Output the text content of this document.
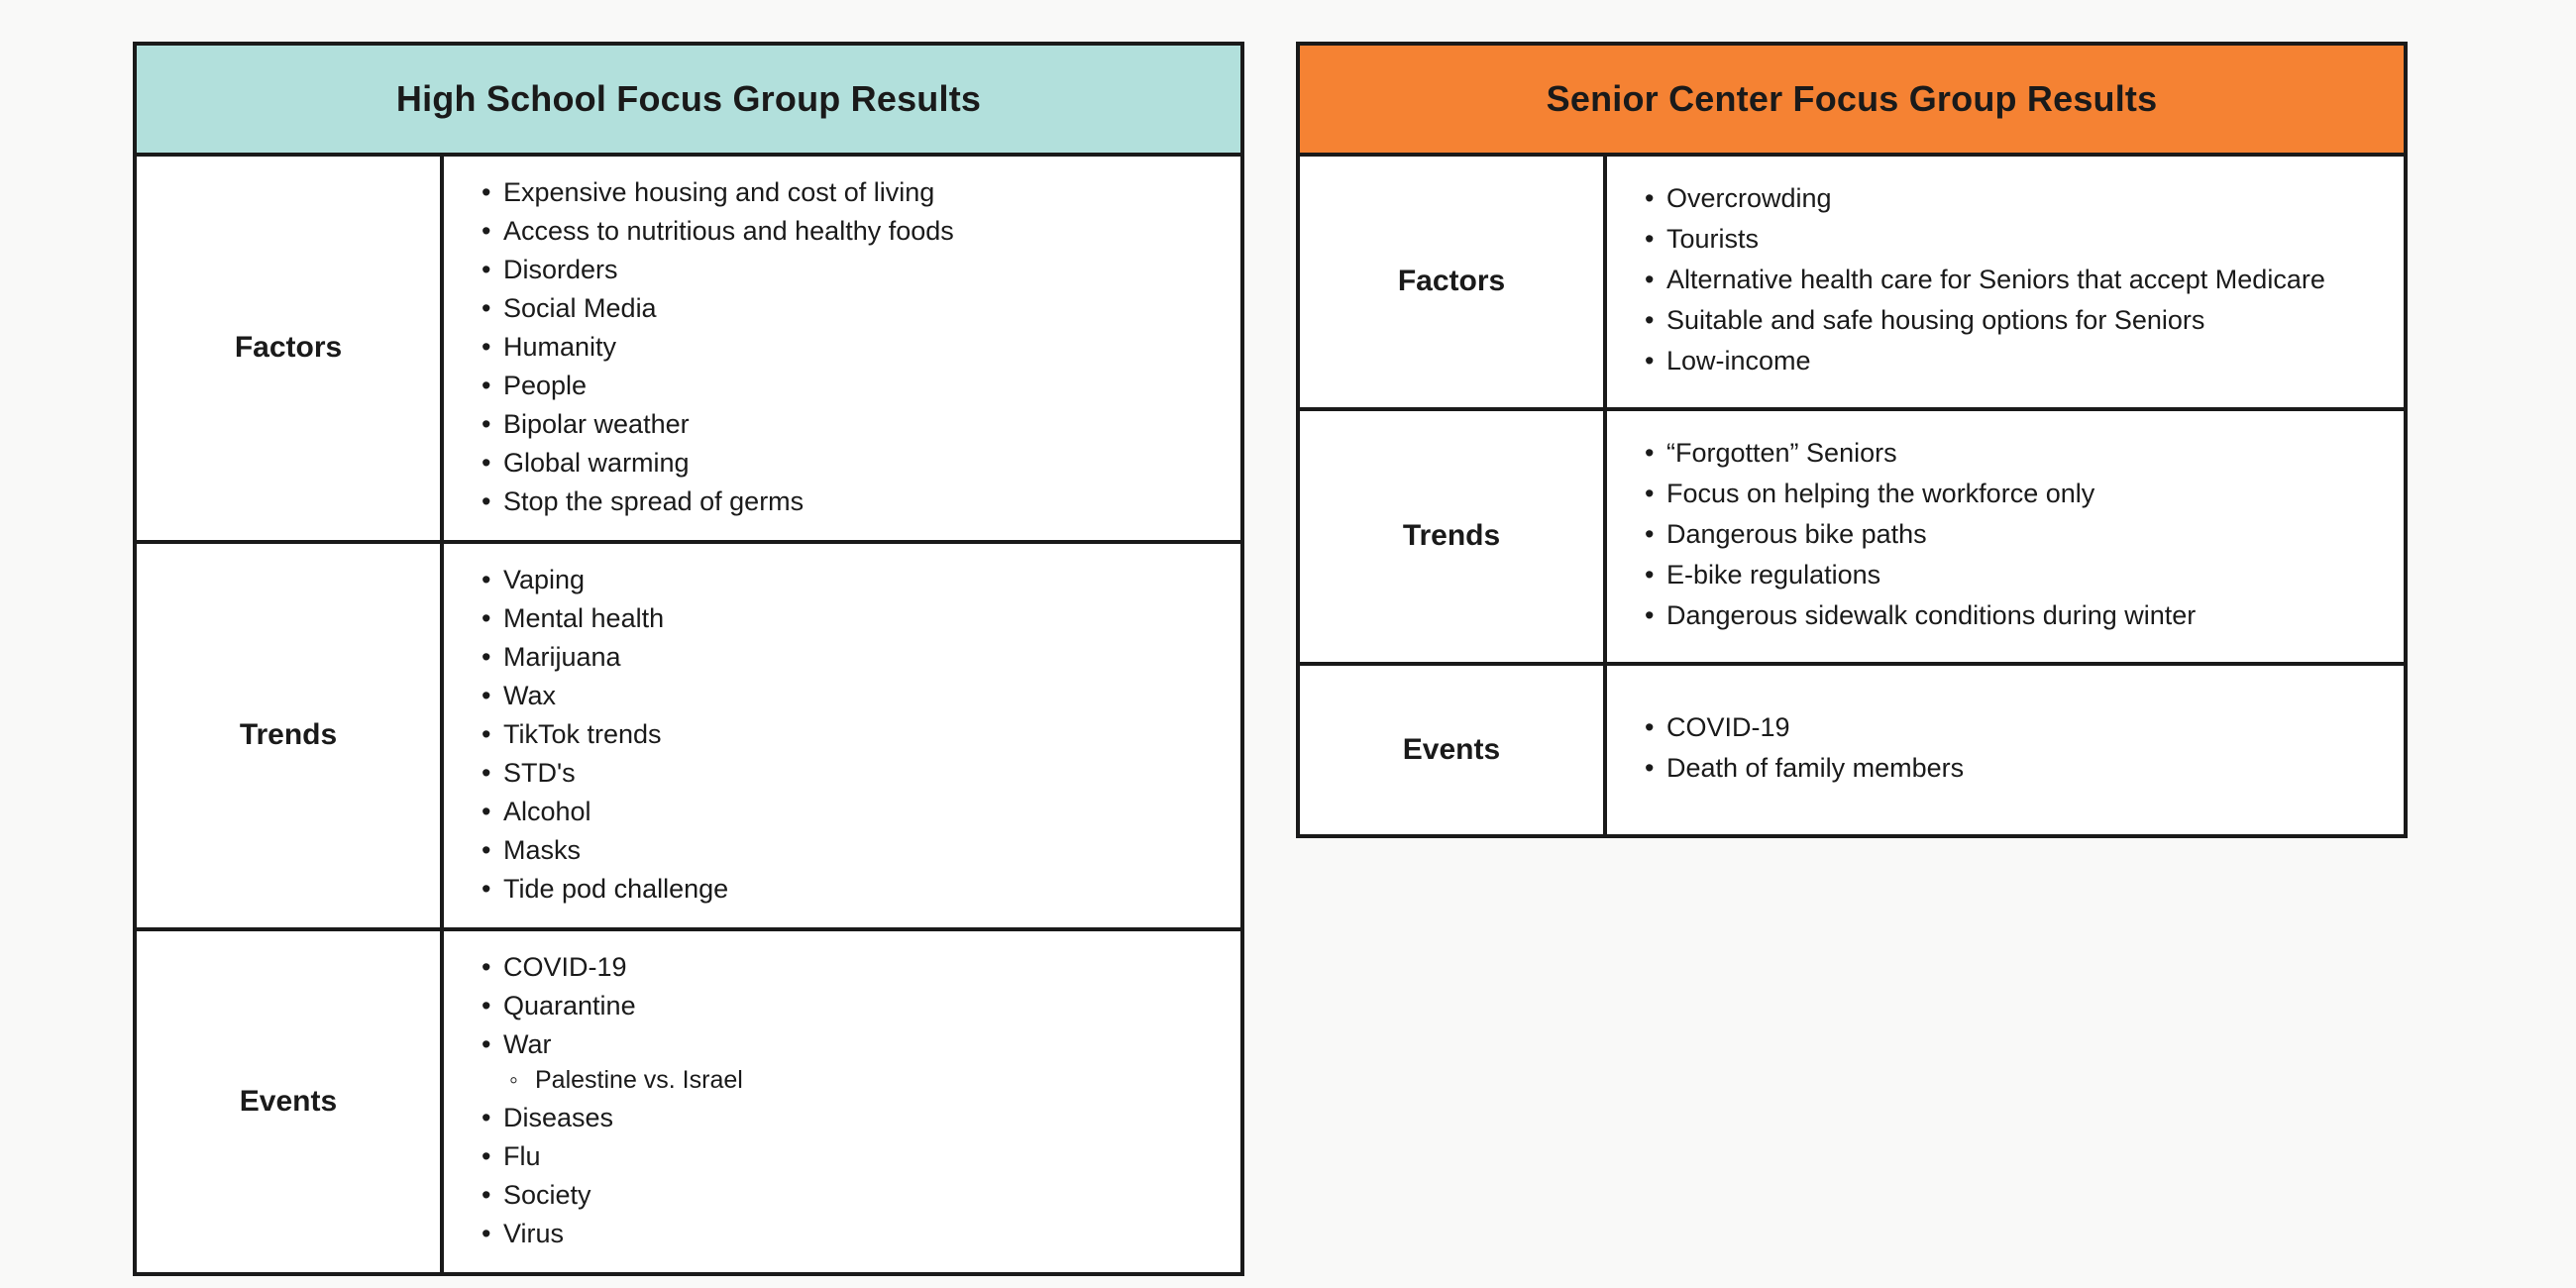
High School Focus Group Results
Factors
• Expensive housing and cost of living
• Access to nutritious and healthy foods
• Disorders
• Social Media
• Humanity
• People
• Bipolar weather
• Global warming
• Stop the spread of germs
Trends
• Vaping
• Mental health
• Marijuana
• Wax
• TikTok trends
• STD's
• Alcohol
• Masks
• Tide pod challenge
Events
• COVID-19
• Quarantine
• War
◦ Palestine vs. Israel
• Diseases
• Flu
• Society
• Virus
Senior Center Focus Group Results
Factors
• Overcrowding
• Tourists
• Alternative health care for Seniors that accept Medicare
• Suitable and safe housing options for Seniors
• Low-income
Trends
• “Forgotten” Seniors
• Focus on helping the workforce only
• Dangerous bike paths
• E-bike regulations
• Dangerous sidewalk conditions during winter
Events
• COVID-19
• Death of family members
